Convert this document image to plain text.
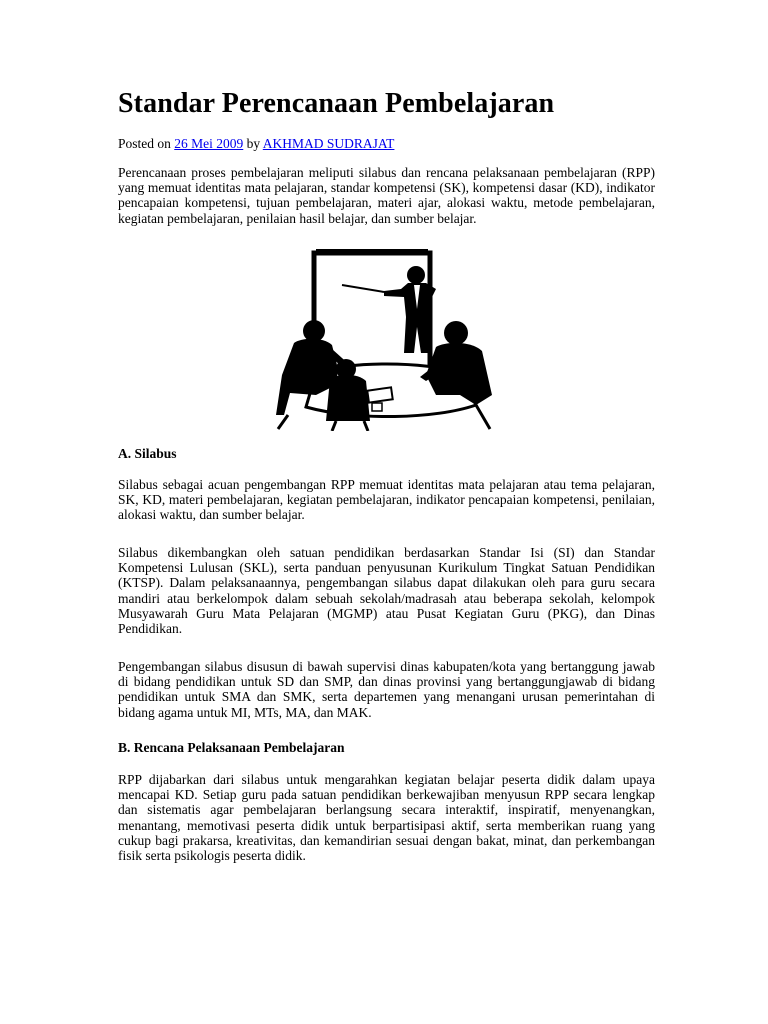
Standar Perencanaan Pembelajaran

Posted on 26 Mei 2009 by AKHMAD SUDRAJAT

Perencanaan proses pembelajaran meliputi silabus dan rencana pelaksanaan pembelajaran (RPP) yang memuat identitas mata pelajaran, standar kompetensi (SK), kompetensi dasar (KD), indikator pencapaian kompetensi, tujuan pembelajaran, materi ajar, alokasi waktu, metode pembelajaran, kegiatan pembelajaran, penilaian hasil belajar, dan sumber belajar.

A. Silabus

Silabus sebagai acuan pengembangan RPP memuat identitas mata pelajaran atau tema pelajaran, SK, KD, materi pembelajaran, kegiatan pembelajaran, indikator pencapaian kompetensi, penilaian, alokasi waktu, dan sumber belajar.

Silabus dikembangkan oleh satuan pendidikan berdasarkan Standar Isi (SI) dan Standar Kompetensi Lulusan (SKL), serta panduan penyusunan Kurikulum Tingkat Satuan Pendidikan (KTSP). Dalam pelaksanaannya, pengembangan silabus dapat dilakukan oleh para guru secara mandiri atau berkelompok dalam sebuah sekolah/madrasah atau beberapa sekolah, kelompok Musyawarah Guru Mata Pelajaran (MGMP) atau Pusat Kegiatan Guru (PKG), dan Dinas Pendidikan.

Pengembangan silabus disusun di bawah supervisi dinas kabupaten/kota yang bertanggung jawab di bidang pendidikan untuk SD dan SMP, dan dinas provinsi yang bertanggungjawab di bidang pendidikan untuk SMA dan SMK, serta departemen yang menangani urusan pemerintahan di bidang agama untuk MI, MTs, MA, dan MAK.

B. Rencana Pelaksanaan Pembelajaran

RPP dijabarkan dari silabus untuk mengarahkan kegiatan belajar peserta didik dalam upaya mencapai KD. Setiap guru pada satuan pendidikan berkewajiban menyusun RPP secara lengkap dan sistematis agar pembelajaran berlangsung secara interaktif, inspiratif, menyenangkan, menantang, memotivasi peserta didik untuk berpartisipasi aktif, serta memberikan ruang yang cukup bagi prakarsa, kreativitas, dan kemandirian sesuai dengan bakat, minat, dan perkembangan fisik serta psikologis peserta didik.
